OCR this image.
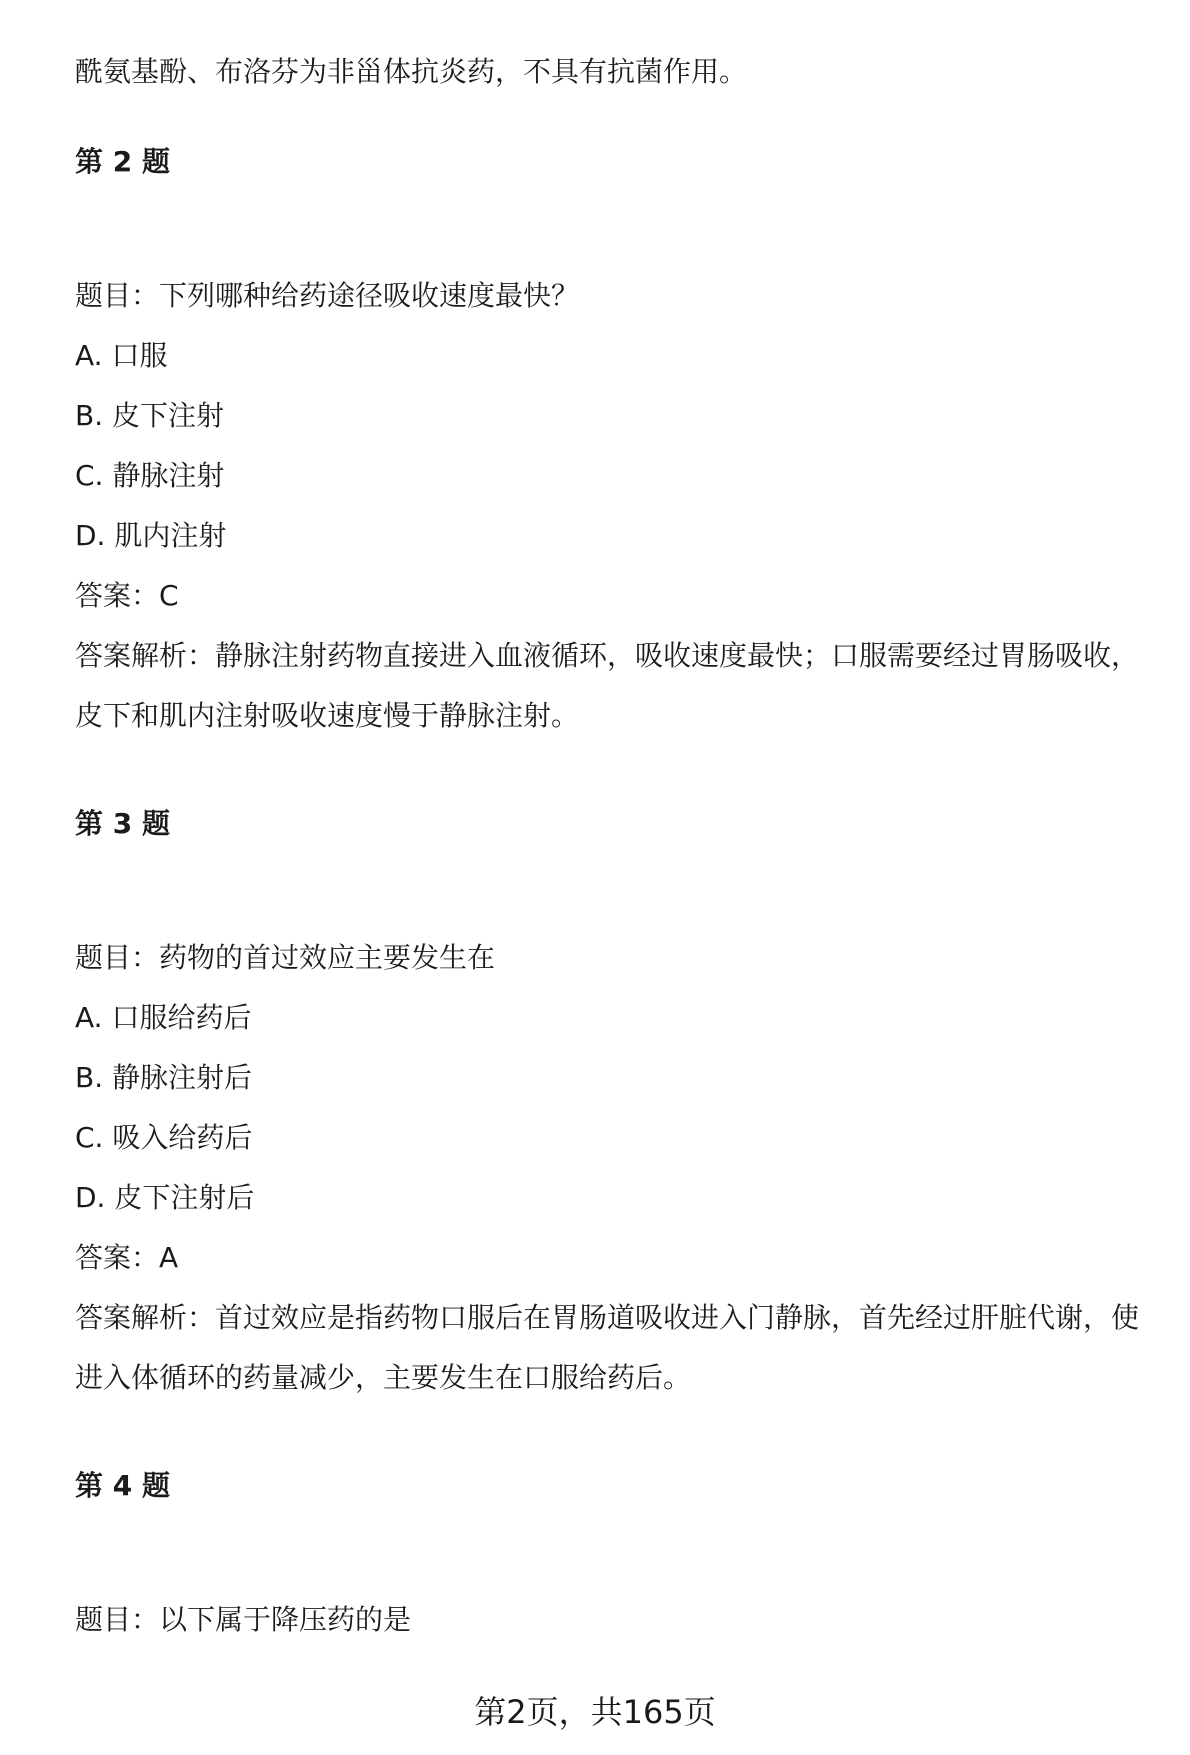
酰氨基酚、布洛芬为非甾体抗炎药，不具有抗菌作用。
第 2 题
题目：下列哪种给药途径吸收速度最快？
A. 口服
B. 皮下注射
C. 静脉注射
D. 肌内注射
答案：C
答案解析：静脉注射药物直接进入血液循环，吸收速度最快；口服需要经过胃肠吸收，皮下和肌内注射吸收速度慢于静脉注射。
第 3 题
题目：药物的首过效应主要发生在
A. 口服给药后
B. 静脉注射后
C. 吸入给药后
D. 皮下注射后
答案：A
答案解析：首过效应是指药物口服后在胃肠道吸收进入门静脉，首先经过肝脏代谢，使进入体循环的药量减少，主要发生在口服给药后。
第 4 题
题目：以下属于降压药的是
第2页，共165页
